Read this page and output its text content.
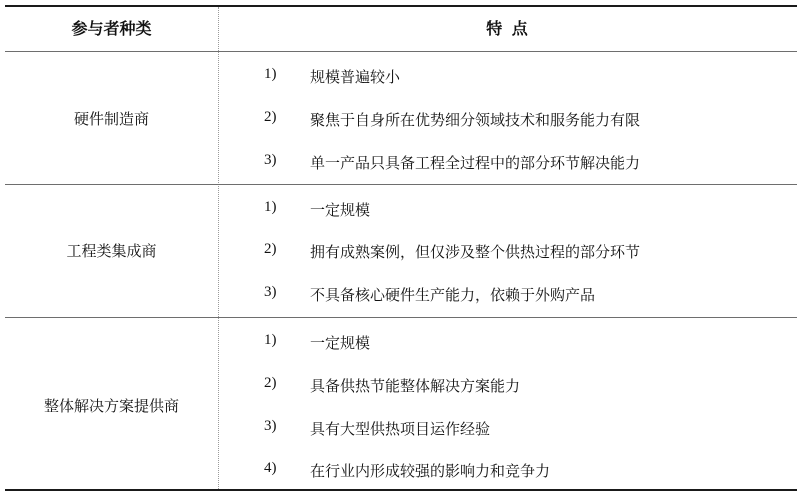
参与者种类	特 点
硬件制造商
1) 规模普遍较小
2) 聚焦于自身所在优势细分领域技术和服务能力有限
3) 单一产品只具备工程全过程中的部分环节解决能力
工程类集成商
1) 一定规模
2) 拥有成熟案例，但仅涉及整个供热过程的部分环节
3) 不具备核心硬件生产能力，依赖于外购产品
整体解决方案提供商
1) 一定规模
2) 具备供热节能整体解决方案能力
3) 具有大型供热项目运作经验
4) 在行业内形成较强的影响力和竞争力
